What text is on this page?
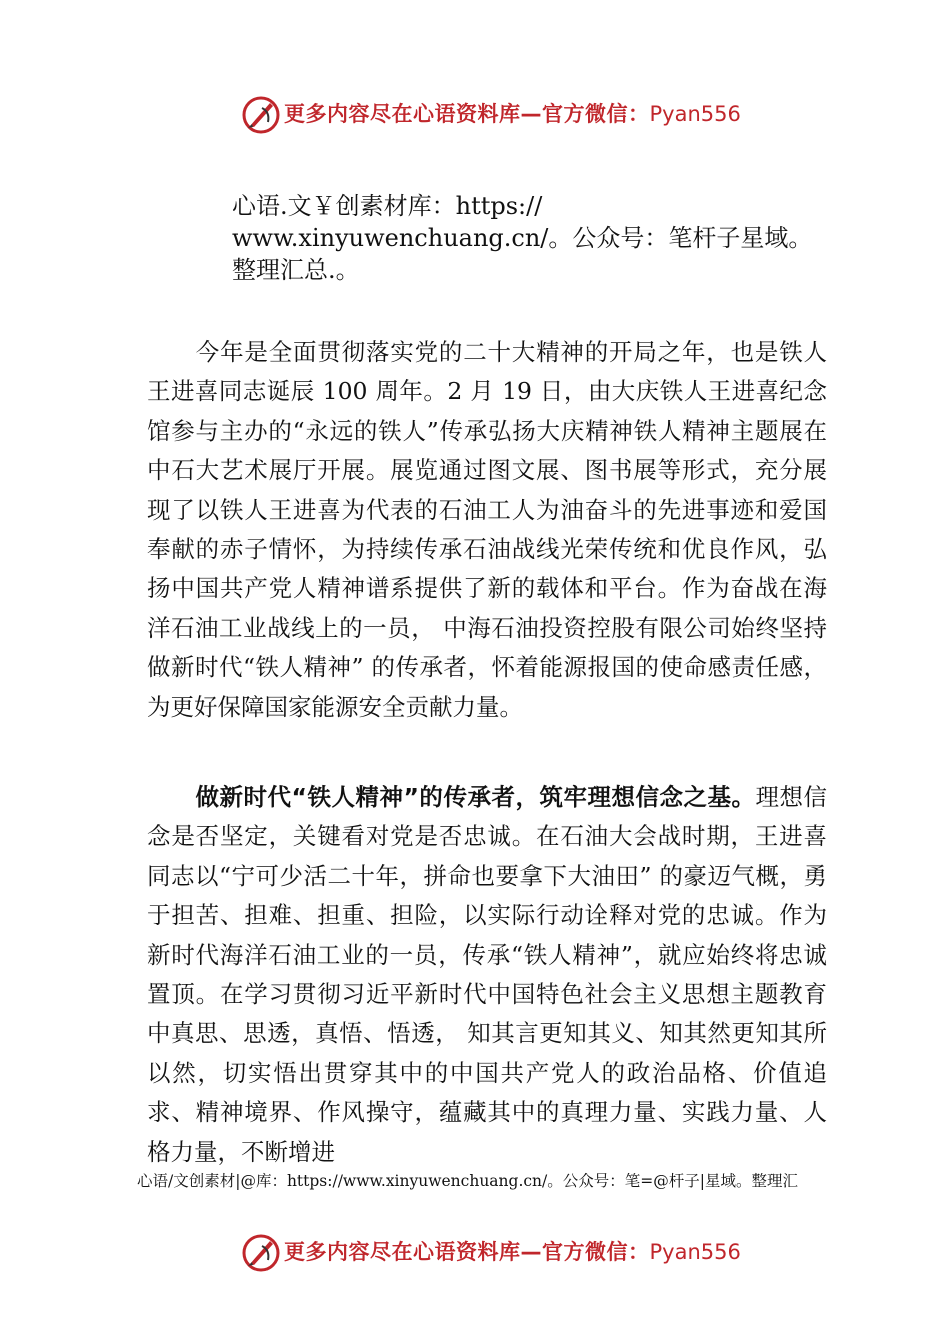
更多内容尽在心语资料库—官方微信：Pyan556
心语.文￥创素材库：https:// www.xinyuwenchuang.cn/。公众号：笔杆子星域。整理汇总.。
今年是全面贯彻落实党的二十大精神的开局之年，也是铁人王进喜同志诞辰 100 周年。2 月 19 日，由大庆铁人王进喜纪念馆参与主办的“永远的铁人”传承弘扬大庆精神铁人精神主题展在中石大艺术展厅开展。展览通过图文展、图书展等形式，充分展现了以铁人王进喜为代表的石油工人为油奋斗的先进事迹和爱国奉献的赤子情怀，为持续传承石油战线光荣传统和优良作风，弘扬中国共产党人精神谱系提供了新的载体和平台。作为奋战在海洋石油工业战线上的一员， 中海石油投资控股有限公司始终坚持做新时代“铁人精神” 的传承者，怀着能源报国的使命感责任感，为更好保障国家能源安全贡献力量。
做新时代“铁人精神”的传承者，筑牢理想信念之基。理想信念是否坚定，关键看对党是否忠诚。在石油大会战时期，王进喜同志以“宁可少活二十年，拼命也要拿下大油田” 的豪迈气概，勇于担苦、担难、担重、担险，以实际行动诠释对党的忠诚。作为新时代海洋石油工业的一员，传承“铁人精神”，就应始终将忠诚置顶。在学习贯彻习近平新时代中国特色社会主义思想主题教育中真思、思透，真悟、悟透， 知其言更知其义、知其然更知其所以然，切实悟出贯穿其中的中国共产党人的政治品格、价值追求、精神境界、作风操守，蕴藏其中的真理力量、实践力量、人格力量，不断增进
心语/文创素材|@库：https://www.xinyuwenchuang.cn/。公众号：笔=@杆子|星域。整理汇
更多内容尽在心语资料库—官方微信：Pyan556
